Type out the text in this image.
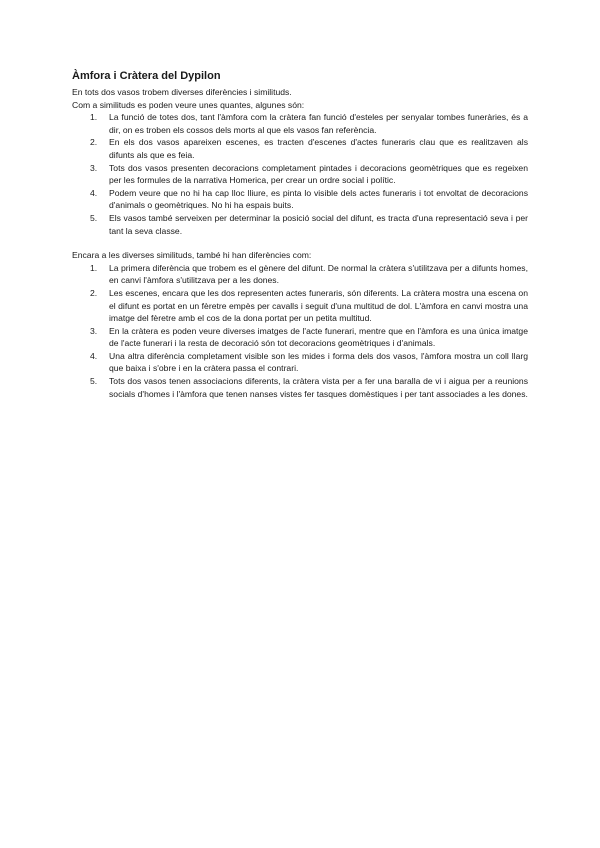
Àmfora i Cràtera del Dypilon

En tots dos vasos trobem diverses diferències i similituds.

Com a similituds es poden veure unes quantes, algunes són:

1. La funció de totes dos, tant l'àmfora com la cràtera fan funció d'esteles per senyalar tombes funeràries, és a dir, on es troben els cossos dels morts al que els vasos fan referència.
2. En els dos vasos apareixen escenes, es tracten d'escenes d'actes funeraris clau que es realitzaven als difunts als que es feia.
3. Tots dos vasos presenten decoracions completament pintades i decoracions geomètriques que es regeixen per les formules de la narrativa Homerica, per crear un ordre social i polític.
4. Podem veure que no hi ha cap lloc lliure, es pinta lo visible dels actes funeraris i tot envoltat de decoracions d'animals o geomètriques. No hi ha espais buits.
5. Els vasos també serveixen per determinar la posició social del difunt, es tracta d'una representació seva i per tant la seva classe.

Encara a les diverses similituds, també hi han diferències com:

1. La primera diferència que trobem es el gènere del difunt. De normal la cràtera s'utilitzava per a difunts homes, en canvi l'àmfora s'utilitzava per a les dones.
2. Les escenes, encara que les dos representen actes funeraris, són diferents. La cràtera mostra una escena on el difunt es portat en un fèretre empès per cavalls i seguit d'una multitud de dol. L'àmfora en canvi mostra una imatge del fèretre amb el cos de la dona portat per un petita multitud.
3. En la cràtera es poden veure diverses imatges de l'acte funerari, mentre que en l'àmfora es una única imatge de l'acte funerari i la resta de decoració són tot decoracions geomètriques i d'animals.
4. Una altra diferència completament visible son les mides i forma dels dos vasos, l'àmfora mostra un coll llarg que baixa i s'obre i en la cràtera passa el contrari.
5. Tots dos vasos tenen associacions diferents, la cràtera vista per a fer una baralla de vi i aigua per a reunions socials d'homes i l'àmfora que tenen nanses vistes fer tasques domèstiques i per tant associades a les dones.
